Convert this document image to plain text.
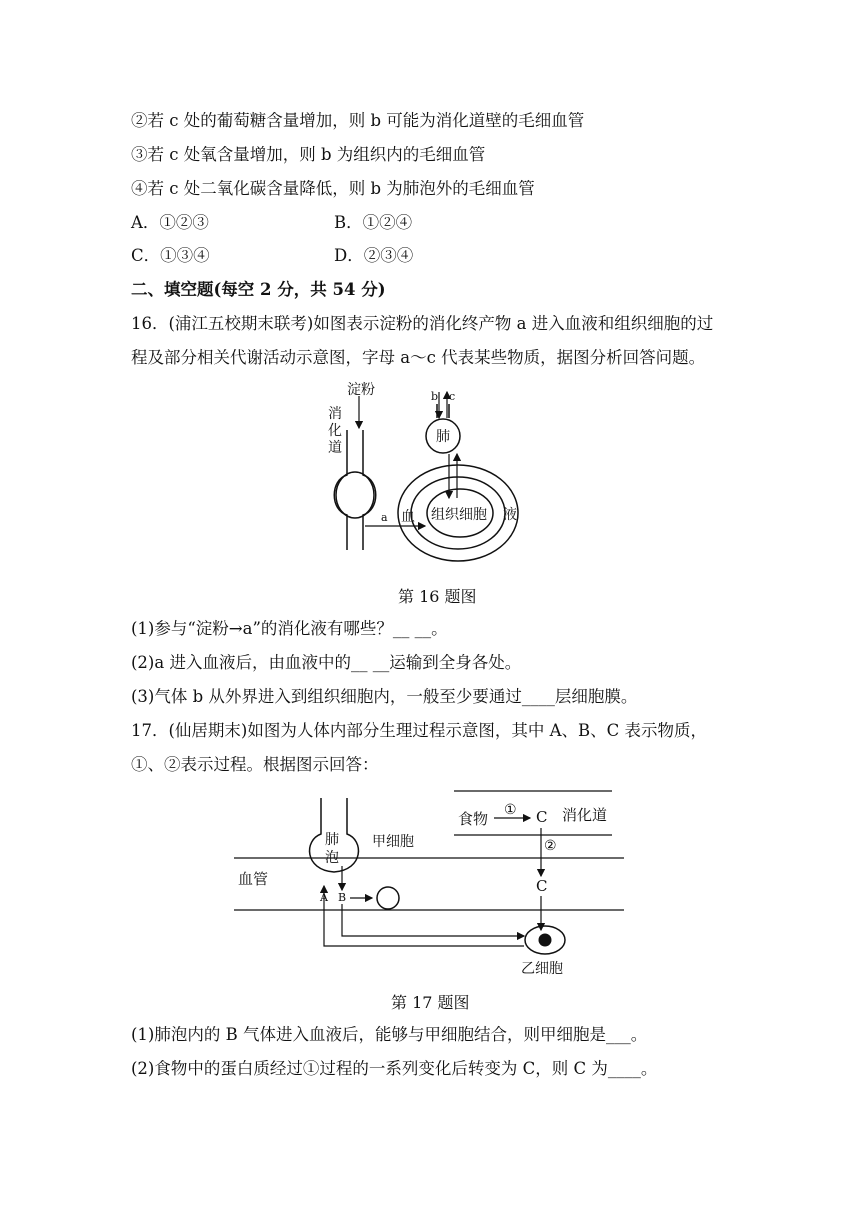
②若 c 处的葡萄糖含量增加，则 b 可能为消化道壁的毛细血管
③若 c 处氧含量增加，则 b 为组织内的毛细血管
④若 c 处二氧化碳含量降低，则 b 为肺泡外的毛细血管
A．①②③	B．①②④
C．①③④	D．②③④
二、填空题(每空 2 分，共 54 分)
16．(浦江五校期末联考)如图表示淀粉的消化终产物 a 进入血液和组织细胞的过
程及部分相关代谢活动示意图，字母 a～c 代表某些物质，据图分析回答问题。
淀粉
消
化
道
b c
肺
a 血 组织细胞 液
第 16 题图
(1)参与“淀粉→a”的消化液有哪些？__ __。
(2)a 进入血液后，由血液中的__ __运输到全身各处。
(3)气体 b 从外界进入到组织细胞内，一般至少要通过____层细胞膜。
17．(仙居期末)如图为人体内部分生理过程示意图，其中 A、B、C 表示物质，
①、②表示过程。根据图示回答：
食物 ① C 消化道
②
C
血管
肺
泡
甲细胞
A B
乙细胞
第 17 题图
(1)肺泡内的 B 气体进入血液后，能够与甲细胞结合，则甲细胞是___。
(2)食物中的蛋白质经过①过程的一系列变化后转变为 C，则 C 为____。
